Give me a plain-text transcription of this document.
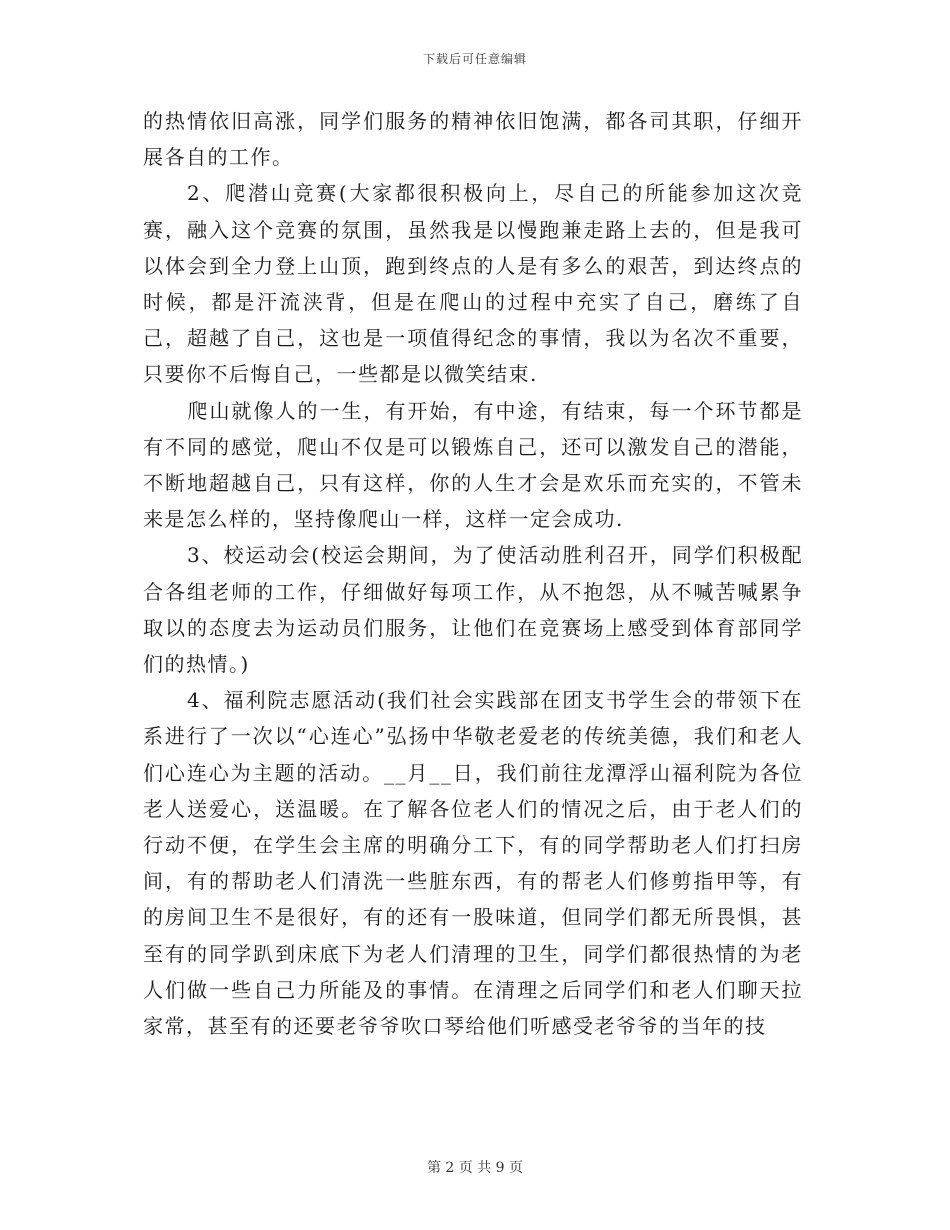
下载后可任意编辑

的热情依旧高涨，同学们服务的精神依旧饱满，都各司其职，仔细开展各自的工作。

2、爬潜山竞赛(大家都很积极向上，尽自己的所能参加这次竞赛，融入这个竞赛的氛围，虽然我是以慢跑兼走路上去的，但是我可以体会到全力登上山顶，跑到终点的人是有多么的艰苦，到达终点的时候，都是汗流浃背，但是在爬山的过程中充实了自己，磨练了自己，超越了自己，这也是一项值得纪念的事情，我以为名次不重要，只要你不后悔自己，一些都是以微笑结束.

爬山就像人的一生，有开始，有中途，有结束，每一个环节都是有不同的感觉，爬山不仅是可以锻炼自己，还可以激发自己的潜能，不断地超越自己，只有这样，你的人生才会是欢乐而充实的，不管未来是怎么样的，坚持像爬山一样，这样一定会成功.

3、校运动会(校运会期间，为了使活动胜利召开，同学们积极配合各组老师的工作，仔细做好每项工作，从不抱怨，从不喊苦喊累争取以的态度去为运动员们服务，让他们在竞赛场上感受到体育部同学们的热情。)

4、福利院志愿活动(我们社会实践部在团支书学生会的带领下在系进行了一次以“心连心”弘扬中华敬老爱老的传统美德，我们和老人们心连心为主题的活动。__月__日，我们前往龙潭浮山福利院为各位老人送爱心，送温暖。在了解各位老人们的情况之后，由于老人们的行动不便，在学生会主席的明确分工下，有的同学帮助老人们打扫房间，有的帮助老人们清洗一些脏东西，有的帮老人们修剪指甲等，有的房间卫生不是很好，有的还有一股味道，但同学们都无所畏惧，甚至有的同学趴到床底下为老人们清理的卫生，同学们都很热情的为老人们做一些自己力所能及的事情。在清理之后同学们和老人们聊天拉家常，甚至有的还要老爷爷吹口琴给他们听感受老爷爷的当年的技

第 2 页 共 9 页
